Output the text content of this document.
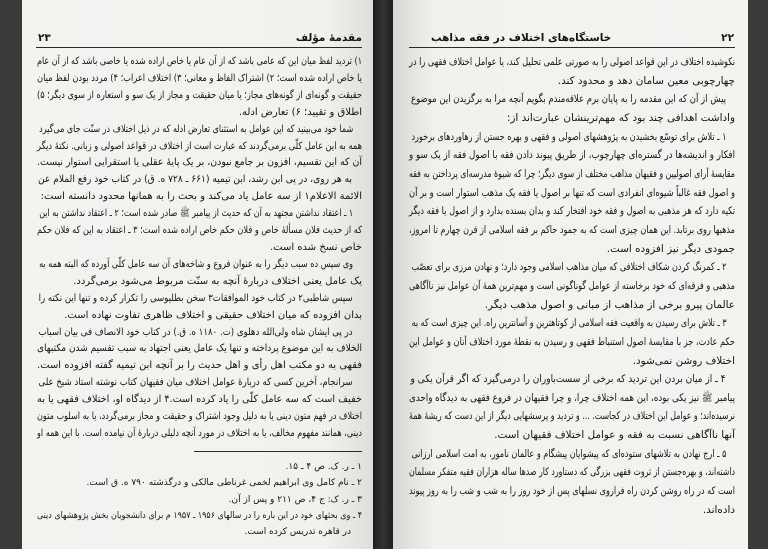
۲۳	مقدمهٔ مؤلف
۱) تردید لفظ میان این که عامی باشد که از آن عام یا خاص اراده شده یا خاصی باشد که از آن عام
یا خاص اراده شده است؛ ۲) اشتراک الفاظ و معانی؛ ۳) اختلاف اعراب؛ ۴) مردد بودن لفظ میان
حقیقت و گونه‌ای از گونه‌های مجاز؛ یا میان حقیقت و مجاز از یک سو و استعاره از سوی دیگر؛ ۵)
اطلاق و تقیید؛ ۶) تعارض ادله.
شما خود می‌بینید که این عوامل به استثنای تعارض ادله که در ذیل اختلاف در سنّت جای می‌گیرد
همه به این عامل کلّی برمی‌گردند که عبارت است از اختلاف در قواعد اصولی و زبانی. نکتهٔ دیگر
آن که این تقسیم، افزون بر جامع نبودن، بر یک پایهٔ عقلی یا استقرایی استوار نیست.
به هر روی، در پی ابن رشد، ابن تیمیه (۶۶۱ ـ ۷۲۸ ه. ق) در کتاب خود رفع الملام عن
الائمة الاعلام۱ از سه عامل یاد می‌کند و بحث را به همانها محدود دانسته است:
۱ ـ اعتقاد نداشتن مجتهد به آن که حدیث از پیامبر ﷺ صادر شده است؛ ۲ ـ اعتقاد نداشتن به این
که از حدیث فلان مسألهٔ خاص و فلان حکم خاص اراده شده است؛ ۳ ـ اعتقاد به این که فلان حکم
خاص نسخ شده است.
وی سپس ده سبب دیگر را به عنوان فروع و شاخه‌های آن سه عامل کلّی آورده که البته همه به
یک عامل یعنی اختلاف دربارهٔ آنچه به سنّت مربوط می‌شود برمی‌گردد.
سپس شاطبی۲ در کتاب خود الموافقات۳ سخن بطلیوسی را تکرار کرده و تنها این نکته را
بدان افزوده که میان اختلاف حقیقی و اختلاف ظاهری تفاوت نهاده است.
در پی ایشان شاه ولی‌الله دهلوی (ت. ۱۱۸۰ ه. ق.) در کتاب خود الانصاف فی بیان اسباب
الخلاف به این موضوع پرداخته و تنها یک عامل یعنی اجتهاد به سبب تقسیم شدن مکتبهای
فقهی به دو مکتب اهل رأی و اهل حدیث را بر آنچه ابن تیمیه گفته افزوده است.
سرانجام، آخرین کسی که دربارهٔ عوامل اختلاف میان فقیهان کتاب نوشته استاد شیخ علی
خفیف است که سه عامل کلّی را یاد کرده است.۴ از دیدگاه او، اختلاف فقهی یا به
اختلاف در فهم متون دینی یا به دلیل وجود اشتراک و حقیقت و مجاز برمی‌گردد، یا به اسلوب متون
دینی، همانند مفهوم مخالف، یا به اختلاف در مورد آنچه دلیلی دربارهٔ آن نیامده است. با این همه او
۱ ـ ر. ک. ص ۴ ـ ۱۵.
۲ ـ نام کامل وی ابراهیم لخمی غرناطی مالکی و درگذشته ۷۹۰ ه. ق است.
۳ ـ ر. ک: ج ۴، ص ۲۱۱ و پس از آن.
۴ ـ وی بحثهای خود در این باره را در سالهای ۱۹۵۶ ـ ۱۹۵۷ م برای دانشجویان بخش پژوهشهای دینی
در قاهره تدریس کرده است.
۲۲
خاستگاه‌های اختلاف در فقه مذاهب
نکوشیده اختلاف در این قواعد اصولی را به صورتی علمی تحلیل کند، یا عوامل اختلاف فقهی را در
چهارچوبی معین سامان دهد و محدود کند.
پیش از آن که این مقدمه را به پایان برم علاقه‌مندم بگویم آنچه مرا به برگزیدن این موضوع
واداشت اهدافی چند بود که مهم‌ترینشان عبارت‌اند از:
۱ ـ تلاش برای توسّع بخشیدن به پژوهشهای اصولی و فقهی و بهره جستن از رهاوردهای برخورد
افکار و اندیشه‌ها در گستره‌ای چهارچوب، از طریق پیوند دادن فقه با اصول فقه از یک سو و
مقایسهٔ آرای اصولیین و فقیهان مذاهب مختلف از سوی دیگر؛ چرا که شیوهٔ مدرسه‌ای پرداختن به فقه
و اصول فقه غالباً شیوه‌ای انفرادی است که تنها بر اصول یا فقه یک مذهب استوار است و بر آن
تکیه دارد که هر مذهبی به اصول و فقه خود افتخار کند و بدان بسنده بدارد و از اصول یا فقه دیگر
مذهبها روی برتابد. این همان چیزی است که به جمود حاکم بر فقه اسلامی از قرن چهارم تا امروز،
جمودی دیگر نیز افزوده است.
۲ ـ کمرنگ کردن شکاف اختلافی که میان مذاهب اسلامی وجود دارد؛ و نهادن مرزی برای تعصّب
مذهبی و فرقه‌ای که خود برخاسته از عوامل گوناگونی است و مهم‌ترین همهٔ آن عوامل نیز ناآگاهی
عالمان پیرو برخی از مذاهب از مبانی و اصول مذهب دیگر.
۳ ـ تلاش برای رسیدن به واقعیت فقه اسلامی از کوتاهترین و آسانترین راه. این چیزی است که به
حکم عادت، جز با مقایسهٔ اصول استنباط فقهی و رسیدن به نقطهٔ مورد اختلاف آنان و عوامل این
اختلاف روشن نمی‌شود.
۴ ـ از میان بردن این تردید که برخی از سست‌باوران را درمی‌گیرد که اگر قرآن یکی و
پیامبر ﷺ نیز یکی بوده، این همه اختلاف چرا، و چرا فقیهان در فروع فقهی به دیدگاه واحدی
نرسیده‌اند؛ و عوامل این اختلاف در کجاست. ... و تردید و پرسشهایی دیگر از این دست که ریشهٔ همهٔ
آنها ناآگاهی نسبت به فقه و عوامل اختلاف فقیهان است.
۵ ـ ارج نهادن به تلاشهای ستوده‌ای که پیشوایان پیشگام و عالمان نامور، به امت اسلامی ارزانی
داشته‌اند، و بهره‌جستن از ثروت فقهی بزرگی که دستاورد کار صدها ساله هزاران فقیه متفکر مسلمان
است که در راه روشن کردن راه فراروی نسلهای پس از خود روز را به شب و شب را به روز پیوند
داده‌اند.
